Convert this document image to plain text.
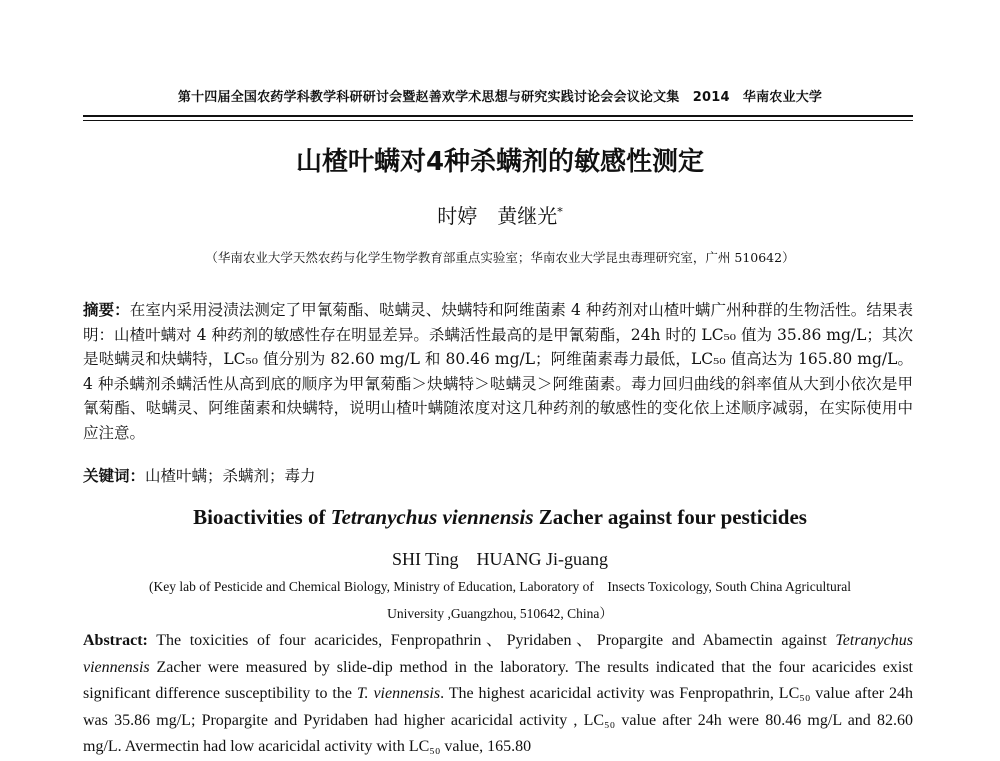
第十四届全国农药学科教学科研研讨会暨赵善欢学术思想与研究实践讨论会会议论文集　2014　华南农业大学
山楂叶螨对4种杀螨剂的敏感性测定
时婷　黄继光*
（华南农业大学天然农药与化学生物学教育部重点实验室；华南农业大学昆虫毒理研究室，广州 510642）
摘要：在室内采用浸渍法测定了甲氰菊酯、哒螨灵、炔螨特和阿维菌素 4 种药剂对山楂叶螨广州种群的生物活性。结果表明：山楂叶螨对 4 种药剂的敏感性存在明显差异。杀螨活性最高的是甲氰菊酯，24h 时的 LC₅₀ 值为 35.86 mg/L；其次是哒螨灵和炔螨特，LC₅₀ 值分别为 82.60 mg/L 和 80.46 mg/L；阿维菌素毒力最低，LC₅₀ 值高达为 165.80 mg/L。4 种杀螨剂杀螨活性从高到底的顺序为甲氰菊酯＞炔螨特＞哒螨灵＞阿维菌素。毒力回归曲线的斜率值从大到小依次是甲氰菊酯、哒螨灵、阿维菌素和炔螨特，说明山楂叶螨随浓度对这几种药剂的敏感性的变化依上述顺序减弱，在实际使用中应注意。
关键词：山楂叶螨；杀螨剂；毒力
Bioactivities of Tetranychus viennensis Zacher against four pesticides
SHI Ting　HUANG Ji-guang
(Key lab of Pesticide and Chemical Biology, Ministry of Education, Laboratory of　Insects Toxicology, South China Agricultural
University ,Guangzhou, 510642, China）
Abstract: The toxicities of four acaricides, Fenpropathrin、Pyridaben、Propargite and Abamectin against Tetranychus viennensis Zacher were measured by slide-dip method in the laboratory. The results indicated that the four acaricides exist significant difference susceptibility to the T. viennensis. The highest acaricidal activity was Fenpropathrin, LC₅₀ value after 24h was 35.86 mg/L; Propargite and Pyridaben had higher acaricidal activity , LC₅₀ value after 24h were 80.46 mg/L and 82.60 mg/L. Avermectin had low acaricidal activity with LC₅₀ value, 165.80
